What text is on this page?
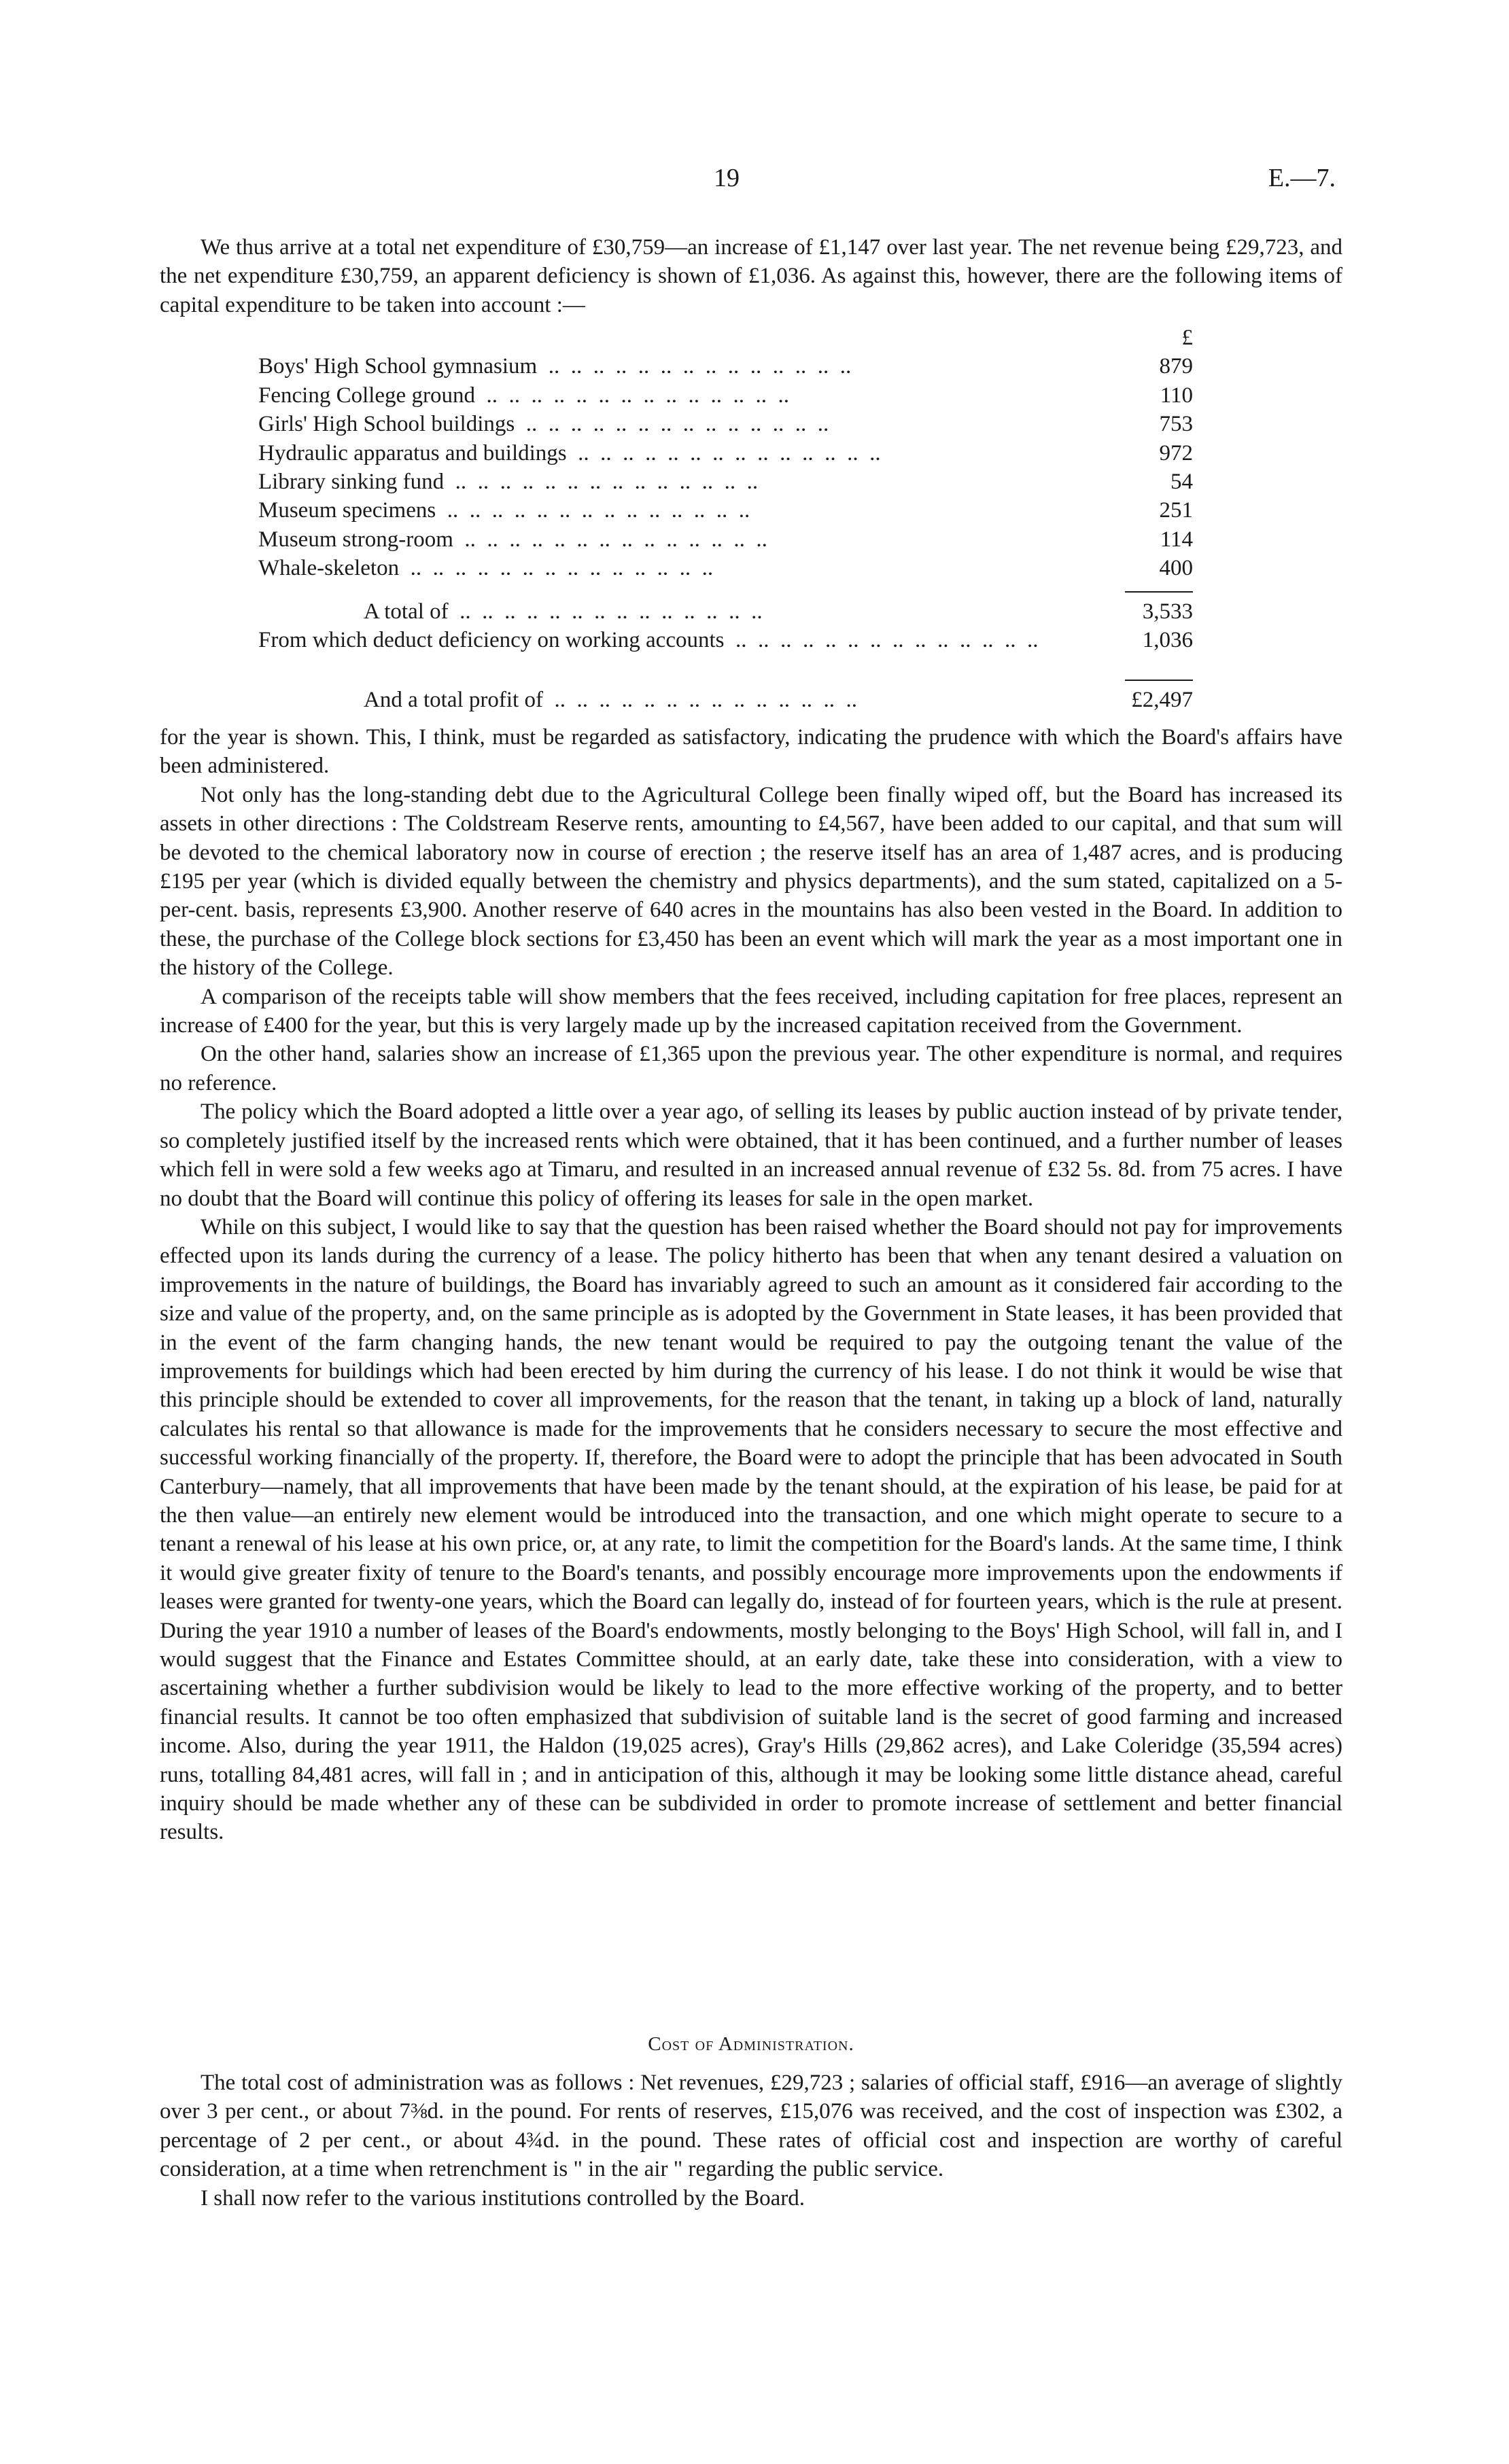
19	E.—7.

We thus arrive at a total net expenditure of £30,759—an increase of £1,147 over last year. The net revenue being £29,723, and the net expenditure £30,759, an apparent deficiency is shown of £1,036. As against this, however, there are the following items of capital expenditure to be taken into account :—

£
Boys' High School gymnasium .. .	879
Fencing College ground .. .	110
Girls' High School buildings .. .	753
Hydraulic apparatus and buildings .. .	972
Library sinking fund .. .	54
Museum specimens .. .	251
Museum strong-room .. .	114
Whale-skeleton .. .	400
A total of .. .	3,533
From which deduct deficiency on working accounts .. .	1,036
And a total profit of .. .	£2,497

for the year is shown. This, I think, must be regarded as satisfactory, indicating the prudence with which the Board's affairs have been administered.

Not only has the long-standing debt due to the Agricultural College been finally wiped off, but the Board has increased its assets in other directions : The Coldstream Reserve rents, amounting to £4,567, have been added to our capital, and that sum will be devoted to the chemical laboratory now in course of erection ; the reserve itself has an area of 1,487 acres, and is producing £195 per year (which is divided equally between the chemistry and physics departments), and the sum stated, capitalized on a 5-per-cent. basis, represents £3,900. Another reserve of 640 acres in the mountains has also been vested in the Board. In addition to these, the purchase of the College block sections for £3,450 has been an event which will mark the year as a most important one in the history of the College.

A comparison of the receipts table will show members that the fees received, including capitation for free places, represent an increase of £400 for the year, but this is very largely made up by the increased capitation received from the Government.

On the other hand, salaries show an increase of £1,365 upon the previous year. The other expenditure is normal, and requires no reference.

The policy which the Board adopted a little over a year ago, of selling its leases by public auction instead of by private tender, so completely justified itself by the increased rents which were obtained, that it has been continued, and a further number of leases which fell in were sold a few weeks ago at Timaru, and resulted in an increased annual revenue of £32 5s. 8d. from 75 acres. I have no doubt that the Board will continue this policy of offering its leases for sale in the open market.

While on this subject, I would like to say that the question has been raised whether the Board should not pay for improvements effected upon its lands during the currency of a lease. The policy hitherto has been that when any tenant desired a valuation on improvements in the nature of buildings, the Board has invariably agreed to such an amount as it considered fair according to the size and value of the property, and, on the same principle as is adopted by the Government in State leases, it has been provided that in the event of the farm changing hands, the new tenant would be required to pay the outgoing tenant the value of the improvements for buildings which had been erected by him during the currency of his lease. I do not think it would be wise that this principle should be extended to cover all improvements, for the reason that the tenant, in taking up a block of land, naturally calculates his rental so that allowance is made for the improvements that he considers necessary to secure the most effective and successful working financially of the property. If, therefore, the Board were to adopt the principle that has been advocated in South Canterbury—namely, that all improvements that have been made by the tenant should, at the expiration of his lease, be paid for at the then value—an entirely new element would be introduced into the transaction, and one which might operate to secure to a tenant a renewal of his lease at his own price, or, at any rate, to limit the competition for the Board's lands. At the same time, I think it would give greater fixity of tenure to the Board's tenants, and possibly encourage more improvements upon the endowments if leases were granted for twenty-one years, which the Board can legally do, instead of for fourteen years, which is the rule at present. During the year 1910 a number of leases of the Board's endowments, mostly belonging to the Boys' High School, will fall in, and I would suggest that the Finance and Estates Committee should, at an early date, take these into consideration, with a view to ascertaining whether a further subdivision would be likely to lead to the more effective working of the property, and to better financial results. It cannot be too often emphasized that subdivision of suitable land is the secret of good farming and increased income. Also, during the year 1911, the Haldon (19,025 acres), Gray's Hills (29,862 acres), and Lake Coleridge (35,594 acres) runs, totalling 84,481 acres, will fall in ; and in anticipation of this, although it may be looking some little distance ahead, careful inquiry should be made whether any of these can be subdivided in order to promote increase of settlement and better financial results.

Cost of Administration.

The total cost of administration was as follows : Net revenues, £29,723 ; salaries of official staff, £916—an average of slightly over 3 per cent., or about 7⅜d. in the pound. For rents of reserves, £15,076 was received, and the cost of inspection was £302, a percentage of 2 per cent., or about 4¾d. in the pound. These rates of official cost and inspection are worthy of careful consideration, at a time when retrenchment is " in the air " regarding the public service.

I shall now refer to the various institutions controlled by the Board.
